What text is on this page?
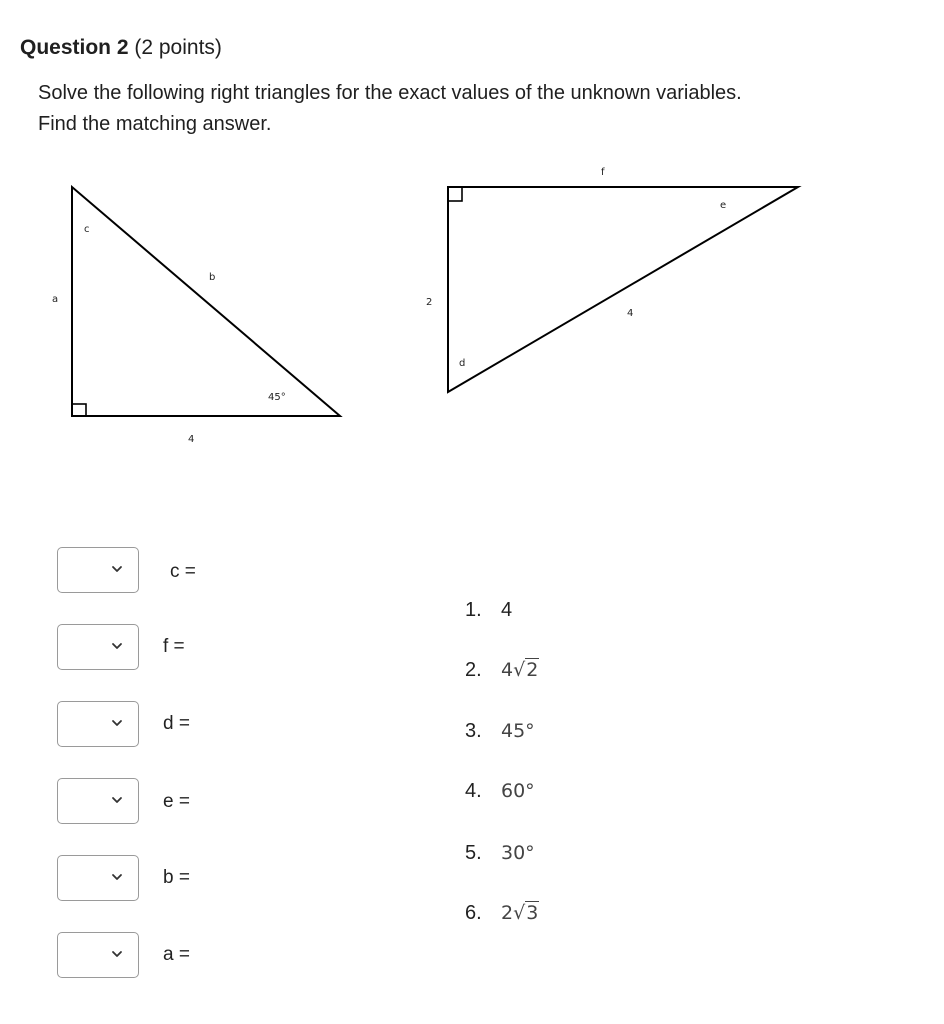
Question 2 (2 points)
Solve the following right triangles for the exact values of the unknown variables.
Find the matching answer.
c
a
b
45°
4
f
e
2
4
d
c =
f =
d =
e =
b =
a =
1. 4
2.	4√2
3.	45°
4.	60°
5.	30°
6.	2√3
